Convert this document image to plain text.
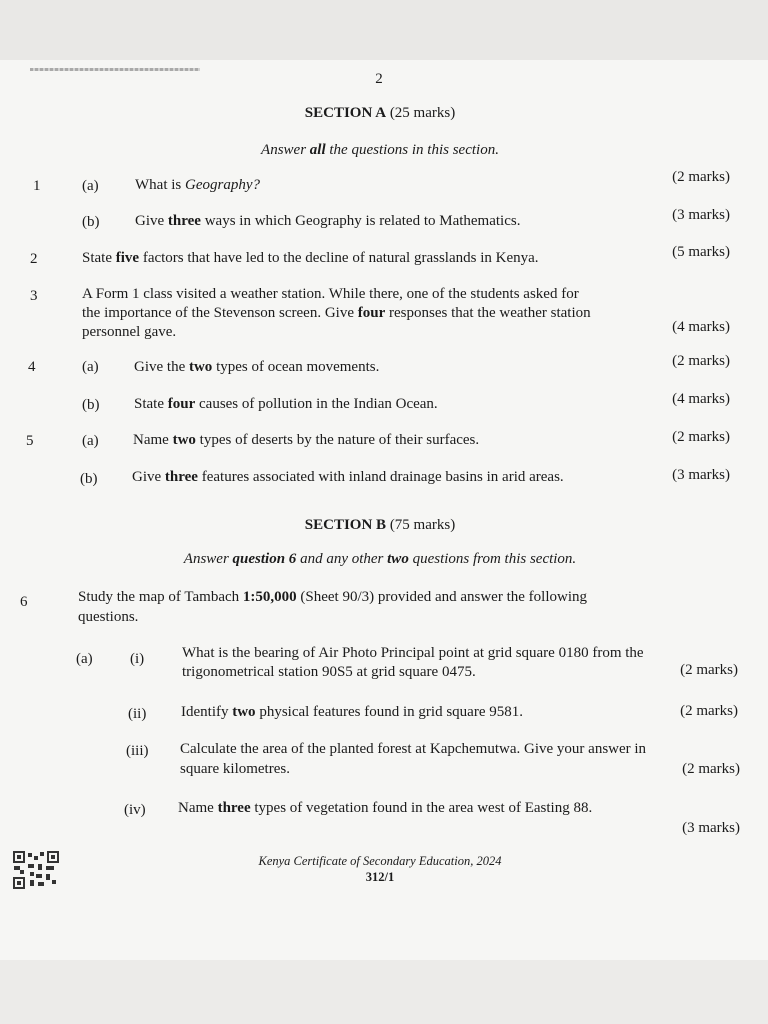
2
SECTION A (25 marks)
Answer all the questions in this section.
1	(a) What is Geography?	(2 marks)
(b) Give three ways in which Geography is related to Mathematics.	(3 marks)
2	State five factors that have led to the decline of natural grasslands in Kenya.	(5 marks)
3	A Form 1 class visited a weather station. While there, one of the students asked for
the importance of the Stevenson screen. Give four responses that the weather station
personnel gave.	(4 marks)
4	(a) Give the two types of ocean movements.	(2 marks)
(b) State four causes of pollution in the Indian Ocean.	(4 marks)
5	(a) Name two types of deserts by the nature of their surfaces.	(2 marks)
(b) Give three features associated with inland drainage basins in arid areas.	(3 marks)
SECTION B (75 marks)
Answer question 6 and any other two questions from this section.
6	Study the map of Tambach 1:50,000 (Sheet 90/3) provided and answer the following
questions.
(a) (i)	What is the bearing of Air Photo Principal point at grid square 0180 from the
trigonometrical station 90S5 at grid square 0475.	(2 marks)
(ii) Identify two physical features found in grid square 9581.	(2 marks)
(iii) Calculate the area of the planted forest at Kapchemutwa. Give your answer in
square kilometres.	(2 marks)
(iv) Name three types of vegetation found in the area west of Easting 88.
(3 marks)
Kenya Certificate of Secondary Education, 2024
312/1
